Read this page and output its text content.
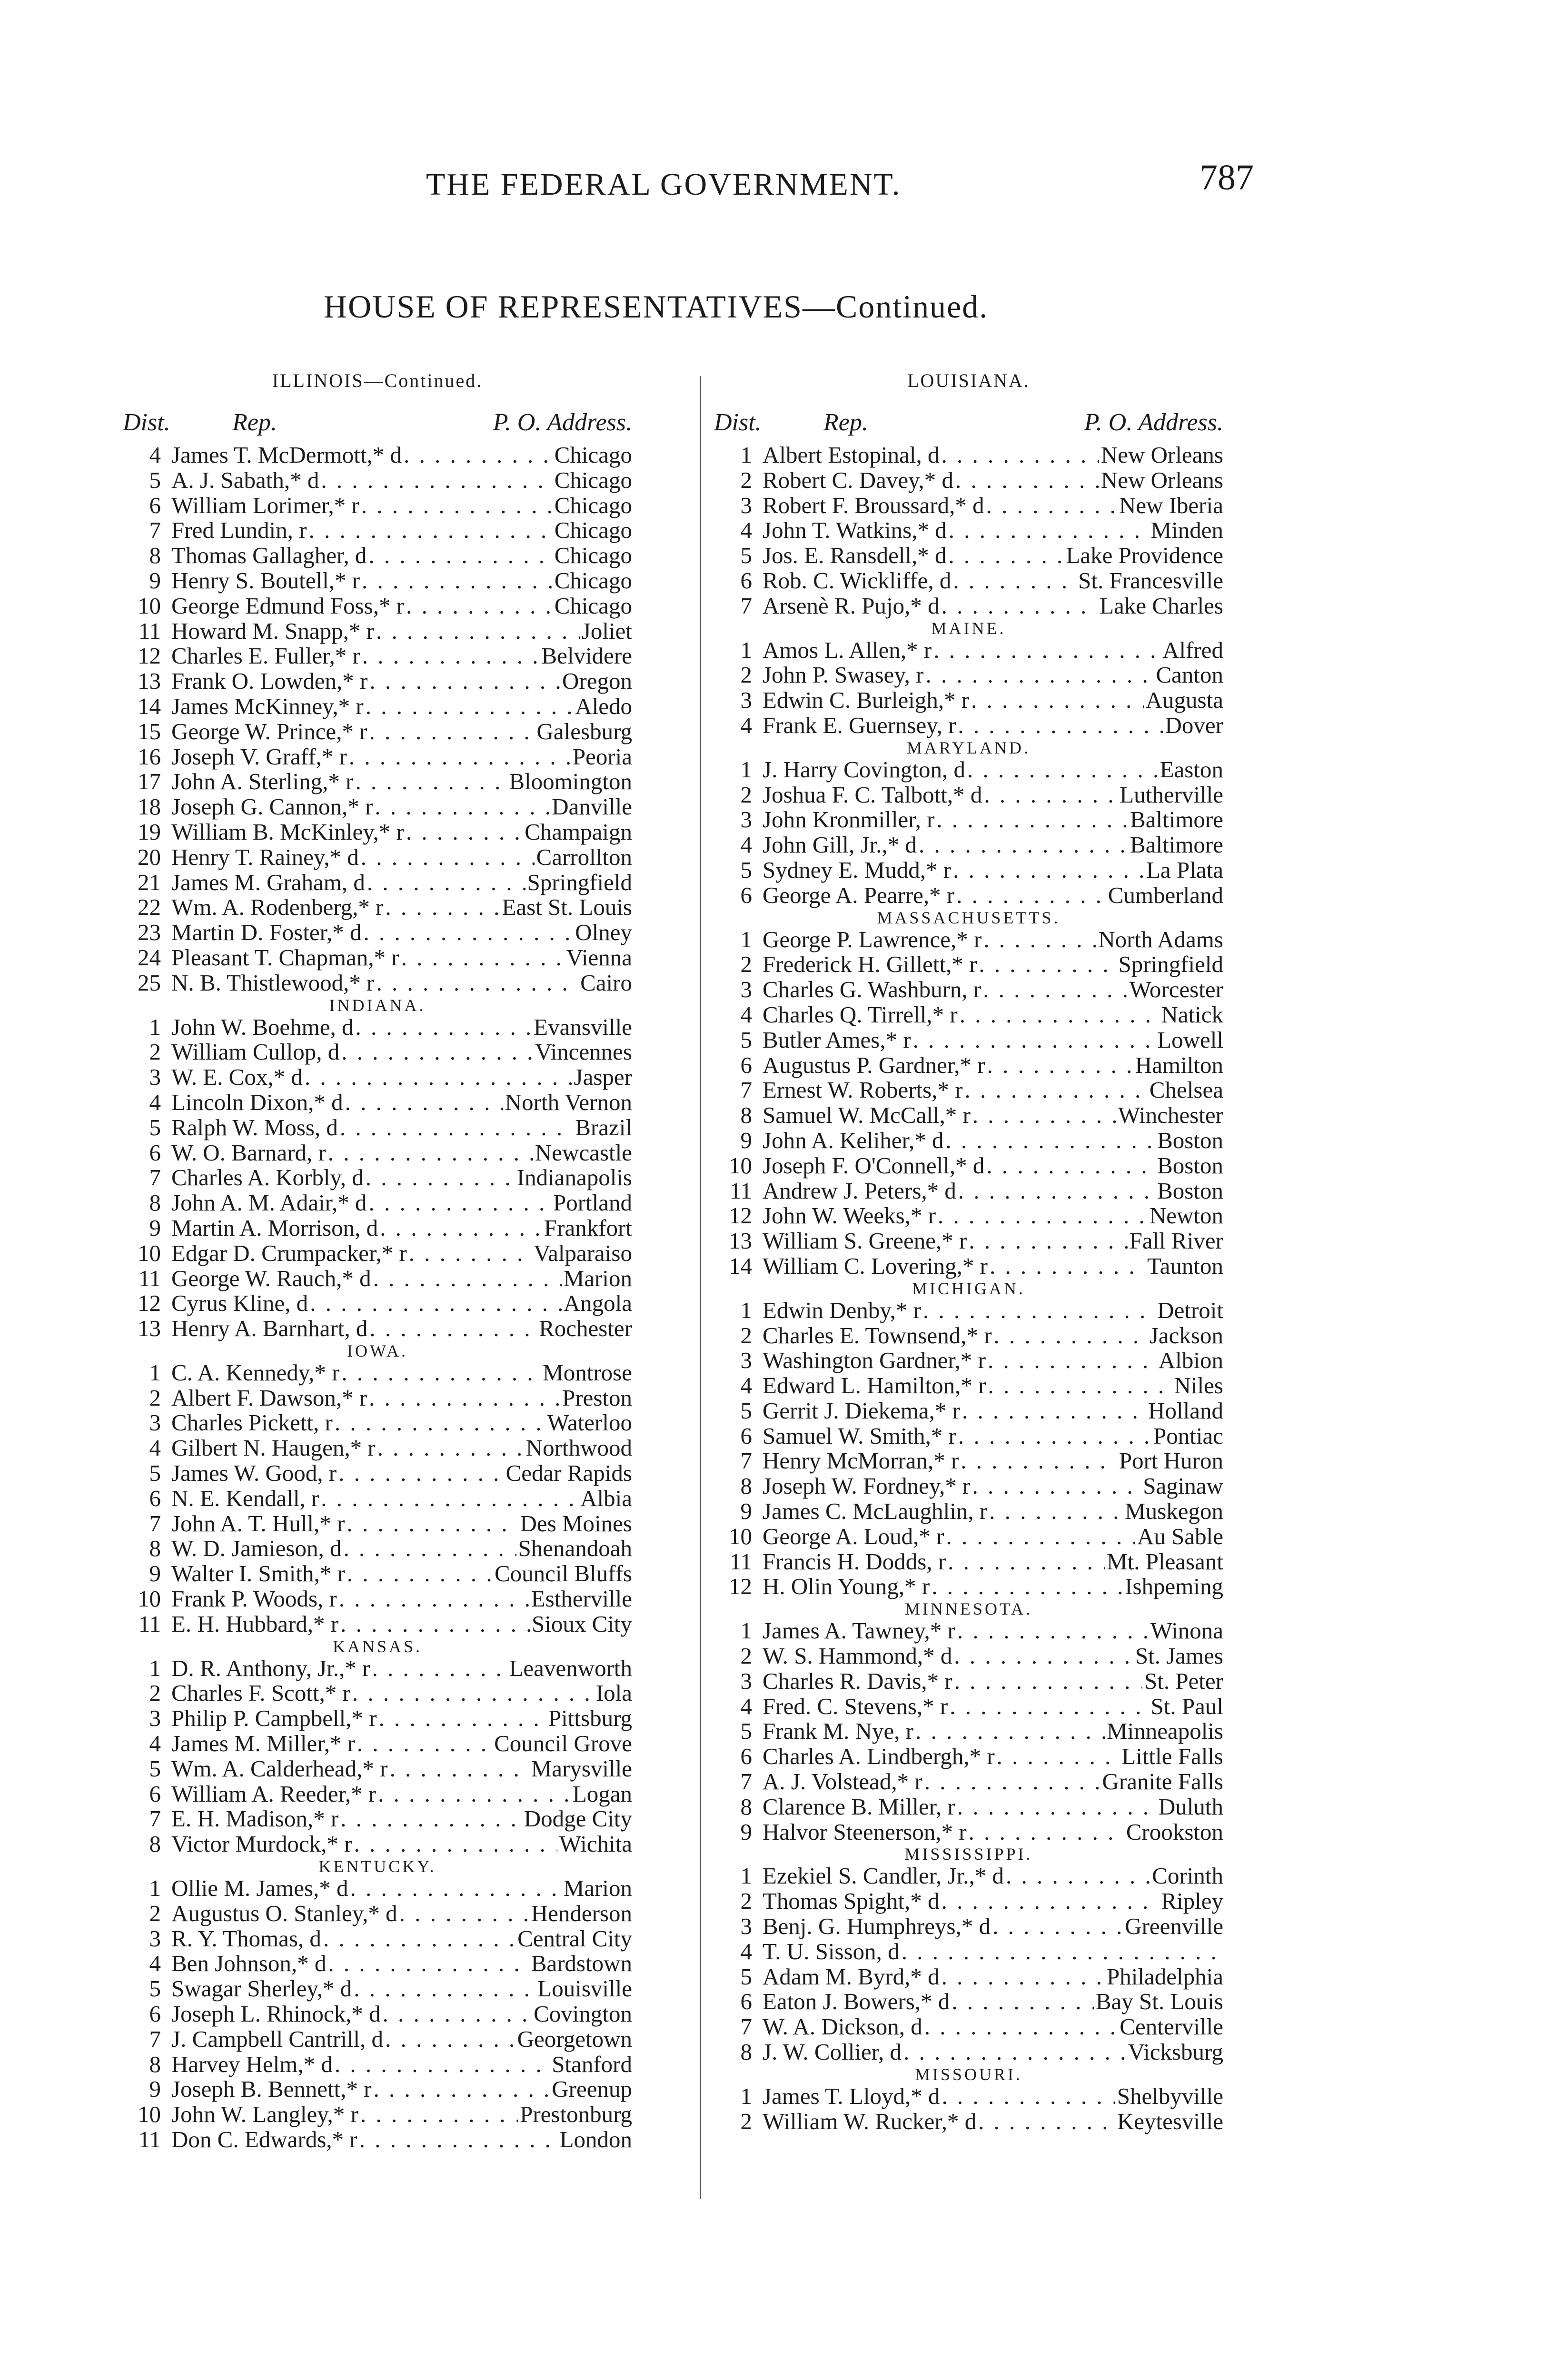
THE FEDERAL GOVERNMENT.	787
HOUSE OF REPRESENTATIVES—Continued.
ILLINOIS—Continued.
Dist.	Rep.	P. O. Address.
4 James T. McDermott,* d . . .	Chicago
5 A. J. Sabath,* d . . .	Chicago
6 William Lorimer,* r . . .	Chicago
7 Fred Lundin, r . . .	Chicago
8 Thomas Gallagher, d . . .	Chicago
9 Henry S. Boutell,* r . . .	Chicago
10 George Edmund Foss,* r . . .	Chicago
11 Howard M. Snapp,* r . . .	Joliet
12 Charles E. Fuller,* r . . .	Belvidere
13 Frank O. Lowden,* r . . .	Oregon
14 James McKinney,* r . . .	Aledo
15 George W. Prince,* r . . .	Galesburg
16 Joseph V. Graff,* r . . .	Peoria
17 John A. Sterling,* r . . .	Bloomington
18 Joseph G. Cannon,* r . . .	Danville
19 William B. McKinley,* r . . .	Champaign
20 Henry T. Rainey,* d . . .	Carrollton
21 James M. Graham, d . . .	Springfield
22 Wm. A. Rodenberg,* r . . .	East St. Louis
23 Martin D. Foster,* d . . .	Olney
24 Pleasant T. Chapman,* r . . .	Vienna
25 N. B. Thistlewood,* r . . .	Cairo
INDIANA.
1 John W. Boehme, d . . .	Evansville
2 William Cullop, d . . .	Vincennes
3 W. E. Cox,* d . . .	Jasper
4 Lincoln Dixon,* d . . .	North Vernon
5 Ralph W. Moss, d . . .	Brazil
6 W. O. Barnard, r . . .	Newcastle
7 Charles A. Korbly, d . . .	Indianapolis
8 John A. M. Adair,* d . . .	Portland
9 Martin A. Morrison, d . . .	Frankfort
10 Edgar D. Crumpacker,* r . . .	Valparaiso
11 George W. Rauch,* d . . .	Marion
12 Cyrus Kline, d . . .	Angola
13 Henry A. Barnhart, d . . .	Rochester
IOWA.
1 C. A. Kennedy,* r . . .	Montrose
2 Albert F. Dawson,* r . . .	Preston
3 Charles Pickett, r . . .	Waterloo
4 Gilbert N. Haugen,* r . . .	Northwood
5 James W. Good, r . . .	Cedar Rapids
6 N. E. Kendall, r . . .	Albia
7 John A. T. Hull,* r . . .	Des Moines
8 W. D. Jamieson, d . . .	Shenandoah
9 Walter I. Smith,* r . . .	Council Bluffs
10 Frank P. Woods, r . . .	Estherville
11 E. H. Hubbard,* r . . .	Sioux City
KANSAS.
1 D. R. Anthony, Jr.,* r . . .	Leavenworth
2 Charles F. Scott,* r . . .	Iola
3 Philip P. Campbell,* r . . .	Pittsburg
4 James M. Miller,* r . . .	Council Grove
5 Wm. A. Calderhead,* r . . .	Marysville
6 William A. Reeder,* r . . .	Logan
7 E. H. Madison,* r . . .	Dodge City
8 Victor Murdock,* r . . .	Wichita
KENTUCKY.
1 Ollie M. James,* d . . .	Marion
2 Augustus O. Stanley,* d . . .	Henderson
3 R. Y. Thomas, d . . .	Central City
4 Ben Johnson,* d . . .	Bardstown
5 Swagar Sherley,* d . . .	Louisville
6 Joseph L. Rhinock,* d . . .	Covington
7 J. Campbell Cantrill, d . . .	Georgetown
8 Harvey Helm,* d . . .	Stanford
9 Joseph B. Bennett,* r . . .	Greenup
10 John W. Langley,* r . . .	Prestonburg
11 Don C. Edwards,* r . . .	London
LOUISIANA.
Dist.	Rep.	P. O. Address.
1 Albert Estopinal, d . . .	New Orleans
2 Robert C. Davey,* d . . .	New Orleans
3 Robert F. Broussard,* d . . .	New Iberia
4 John T. Watkins,* d . . .	Minden
5 Jos. E. Ransdell,* d . . .	Lake Providence
6 Rob. C. Wickliffe, d . . .	St. Francesville
7 Arsenè R. Pujo,* d . . .	Lake Charles
MAINE.
1 Amos L. Allen,* r . . .	Alfred
2 John P. Swasey, r . . .	Canton
3 Edwin C. Burleigh,* r . . .	Augusta
4 Frank E. Guernsey, r . . .	Dover
MARYLAND.
1 J. Harry Covington, d . . .	Easton
2 Joshua F. C. Talbott,* d . . .	Lutherville
3 John Kronmiller, r . . .	Baltimore
4 John Gill, Jr.,* d . . .	Baltimore
5 Sydney E. Mudd,* r . . .	La Plata
6 George A. Pearre,* r . . .	Cumberland
MASSACHUSETTS.
1 George P. Lawrence,* r . . .	North Adams
2 Frederick H. Gillett,* r . . .	Springfield
3 Charles G. Washburn, r . . .	Worcester
4 Charles Q. Tirrell,* r . . .	Natick
5 Butler Ames,* r . . .	Lowell
6 Augustus P. Gardner,* r . . .	Hamilton
7 Ernest W. Roberts,* r . . .	Chelsea
8 Samuel W. McCall,* r . . .	Winchester
9 John A. Keliher,* d . . .	Boston
10 Joseph F. O'Connell,* d . . .	Boston
11 Andrew J. Peters,* d . . .	Boston
12 John W. Weeks,* r . . .	Newton
13 William S. Greene,* r . . .	Fall River
14 William C. Lovering,* r . . .	Taunton
MICHIGAN.
1 Edwin Denby,* r . . .	Detroit
2 Charles E. Townsend,* r . . .	Jackson
3 Washington Gardner,* r . . .	Albion
4 Edward L. Hamilton,* r . . .	Niles
5 Gerrit J. Diekema,* r . . .	Holland
6 Samuel W. Smith,* r . . .	Pontiac
7 Henry McMorran,* r . . .	Port Huron
8 Joseph W. Fordney,* r . . .	Saginaw
9 James C. McLaughlin, r . . .	Muskegon
10 George A. Loud,* r . . .	Au Sable
11 Francis H. Dodds, r . . .	Mt. Pleasant
12 H. Olin Young,* r . . .	Ishpeming
MINNESOTA.
1 James A. Tawney,* r . . .	Winona
2 W. S. Hammond,* d . . .	St. James
3 Charles R. Davis,* r . . .	St. Peter
4 Fred. C. Stevens,* r . . .	St. Paul
5 Frank M. Nye, r . . .	Minneapolis
6 Charles A. Lindbergh,* r . . .	Little Falls
7 A. J. Volstead,* r . . .	Granite Falls
8 Clarence B. Miller, r . . .	Duluth
9 Halvor Steenerson,* r . . .	Crookston
MISSISSIPPI.
1 Ezekiel S. Candler, Jr.,* d . . .	Corinth
2 Thomas Spight,* d . . .	Ripley
3 Benj. G. Humphreys,* d . . .	Greenville
4 T. U. Sisson, d
. . .
5 Adam M. Byrd,* d . . .	Philadelphia
6 Eaton J. Bowers,* d . . .	Bay St. Louis
7 W. A. Dickson, d . . .	Centerville
8 J. W. Collier, d . . .	Vicksburg
MISSOURI.
1 James T. Lloyd,* d . . .	Shelbyville
2 William W. Rucker,* d . . .	Keytesville
